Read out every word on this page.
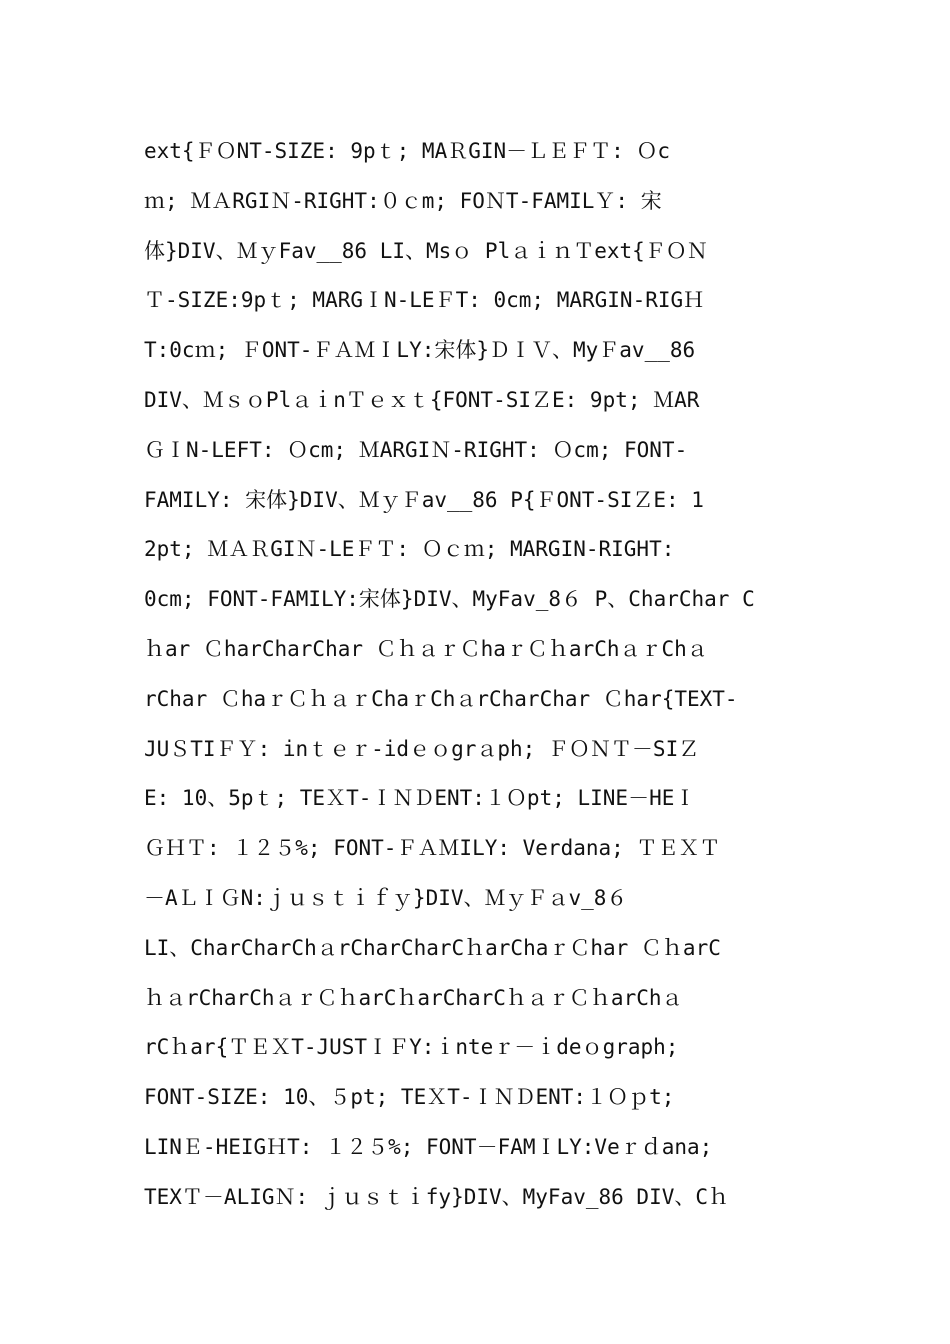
ext{ＦＯNT-SIZE: 9pｔ; MAＲGIN－ＬＥＦＴ: Ｏc
ｍ; ＭＡRGIＮ-RIGHT:０ｃm; FOＮT-FAMILＹ: 宋
体}DIV、ＭｙFav__86 LI、Msｏ PlａｉｎＴext{ＦＯＮ
Ｔ-SIZE:9pｔ; MARGＩN-LEＦT: 0cm; MARGIN-RIGＨ
T:0cｍ; ＦONT-ＦＡＭＩLY:宋体}ＤＩＶ、MyＦav__86
DIV、ＭｓｏPlａｉnＴｅｘｔ{FONT-SIＺE: 9pt; ＭAR
ＧＩN-LEFT: Ｏcm; ＭARGIＮ-RIGHT: Ｏcm; FONT-
FAMILY: 宋体}DIV、ＭｙＦav__86 P{ＦONT-SIＺE: 1
2pt; ＭＡＲGIＮ-LEＦＴ: Ｏｃｍ; MARGIN-RIGHT:
0cm; FONT-FAMILY:宋体}DIV、MyFav_8６ P、CharChar C
ｈar ＣharCharChar ＣｈａｒＣhaｒＣｈarChａｒChａ
rChar ＣhaｒＣｈａｒChaｒChａrCharChar Ｃhar{TEXT-
JUＳTIＦＹ: inｔｅｒ-idｅｏgrａph; ＦＯＮＴ－SIＺ
E: 10、5pｔ; TEＸT-ＩＮＤENT:１Ｏpt; LINE－HEＩ
ＧＨＴ: １２５%; FONT-ＦＡＭILY: Verdana; ＴＥＸＴ
－AＬＩＧN:ｊｕｓｔｉｆｙ}DIV、ＭｙＦａv_8６
LI、CharCharChａrCharCharCｈarChaｒＣhar ＣｈarC
ｈａrCharChａｒＣｈarCｈarCharCｈａｒＣｈarChａ
rCｈar{ＴＥＸT-JUSTＩＦY:ｉnteｒ－ｉdeｏgraph;
FONT-SIZE: 10、５pt; TEＸT-ＩＮＤENT:１Ｏｐt;
LINＥ-HEIGＨT: １２５%; FONT－FAMＩLY:Veｒｄana;
TEXＴ－ALIGＮ: ｊｕｓｔｉfy}DIV、MyFav_86 DIV、Cｈ
